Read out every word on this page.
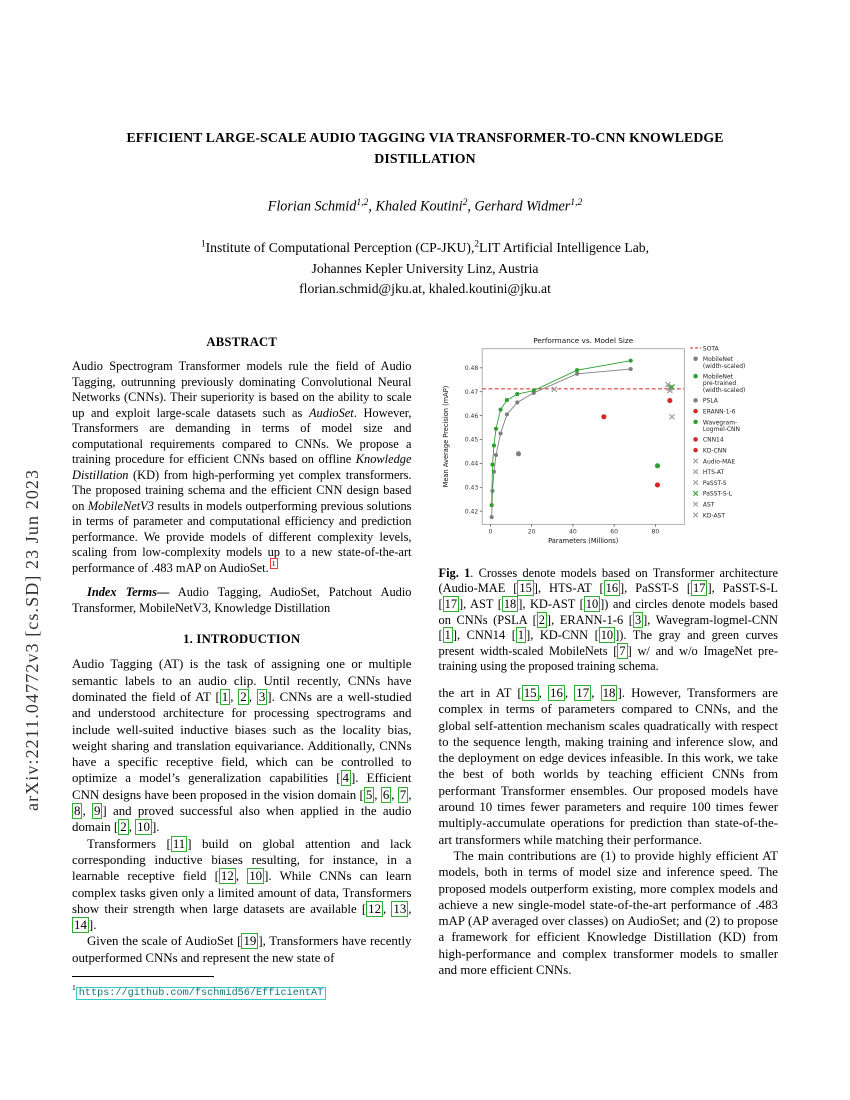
arXiv:2211.04772v3 [cs.SD] 23 Jun 2023
EFFICIENT LARGE-SCALE AUDIO TAGGING VIA TRANSFORMER-TO-CNN KNOWLEDGE DISTILLATION
Florian Schmid$^{1,2}$, Khaled Koutini$^2$, Gerhard Widmer$^{1,2}$
$^1$Institute of Computational Perception (CP-JKU),$^2$LIT Artificial Intelligence Lab,
Johannes Kepler University Linz, Austria
florian.schmid@jku.at, khaled.koutini@jku.at
ABSTRACT

Audio Spectrogram Transformer models rule the field of Audio Tagging, outrunning previously dominating Convolutional Neural Networks (CNNs). Their superiority is based on the ability to scale up and exploit large-scale datasets such as AudioSet. However, Transformers are demanding in terms of model size and computational requirements compared to CNNs. We propose a training procedure for efficient CNNs based on offline Knowledge Distillation (KD) from high-performing yet complex transformers. The proposed training schema and the efficient CNN design based on MobileNetV3 results in models outperforming previous solutions in terms of parameter and computational efficiency and prediction performance. We provide models of different complexity levels, scaling from low-complexity models up to a new state-of-the-art performance of .483 mAP on AudioSet. $^1$

Index Terms— Audio Tagging, AudioSet, Patchout Audio Transformer, MobileNetV3, Knowledge Distillation

1. INTRODUCTION

Audio Tagging (AT) is the task of assigning one or multiple semantic labels to an audio clip. Until recently, CNNs have dominated the field of AT [ 1 , 2 , 3 ]. CNNs are a well-studied and understood architecture for processing spectrograms and include well-suited inductive biases such as the locality bias, weight sharing and translation equivariance. Additionally, CNNs have a specific receptive field, which can be controlled to optimize a model’s generalization capabilities [ 4 ]. Efficient CNN designs have been proposed in the vision domain [ 5 , 6 , 7 , 8 , 9 ] and proved successful also when applied in the audio domain [ 2 , 10 ].

Transformers [ 11 ] build on global attention and lack corresponding inductive biases resulting, for instance, in a learnable receptive field [ 12 , 10 ]. While CNNs can learn complex tasks given only a limited amount of data, Transformers show their strength when large datasets are available [ 12 , 13 , 14 ].

Given the scale of AudioSet [ 19 ], Transformers have recently outperformed CNNs and represent the new state of

$^1$https://github.com/fschmid56/EfficientAT
Performance vs. Model Size
0.42
0.43
0.44
0.45
0.46
0.47
0.48
0	20	40	60	80
Parameters (Millions)
Mean Average Precision (mAP)
SOTA
MobileNet
(width-scaled)
MobileNet
pre-trained
(width-scaled)
PSLA
ERANN-1-6
Wavegram-
Logmel-CNN
CNN14
KD-CNN
Audio-MAE
HTS-AT
PaSST-S
PaSST-S-L
AST
KD-AST
Fig. 1. Crosses denote models based on Transformer architecture (Audio-MAE [ 15 ], HTS-AT [ 16 ], PaSST-S [ 17 ], PaSST-S-L [ 17 ], AST [ 18 ], KD-AST [ 10 ]) and circles denote models based on CNNs (PSLA [ 2 ], ERANN-1-6 [ 3 ], Wavegram-logmel-CNN [ 1 ], CNN14 [ 1 ], KD-CNN [ 10 ]). The gray and green curves present width-scaled MobileNets [ 7 ] w/ and w/o ImageNet pre-training using the proposed training schema.

the art in AT [ 15 , 16 , 17 , 18 ]. However, Transformers are complex in terms of parameters compared to CNNs, and the global self-attention mechanism scales quadratically with respect to the sequence length, making training and inference slow, and the deployment on edge devices infeasible. In this work, we take the best of both worlds by teaching efficient CNNs from performant Transformer ensembles. Our proposed models have around 10 times fewer parameters and require 100 times fewer multiply-accumulate operations for prediction than state-of-the-art transformers while matching their performance.

The main contributions are (1) to provide highly efficient AT models, both in terms of model size and inference speed. The proposed models outperform existing, more complex models and achieve a new single-model state-of-the-art performance of .483 mAP (AP averaged over classes) on AudioSet; and (2) to propose a framework for efficient Knowledge Distillation (KD) from high-performance and complex transformer models to smaller and more efficient CNNs.
